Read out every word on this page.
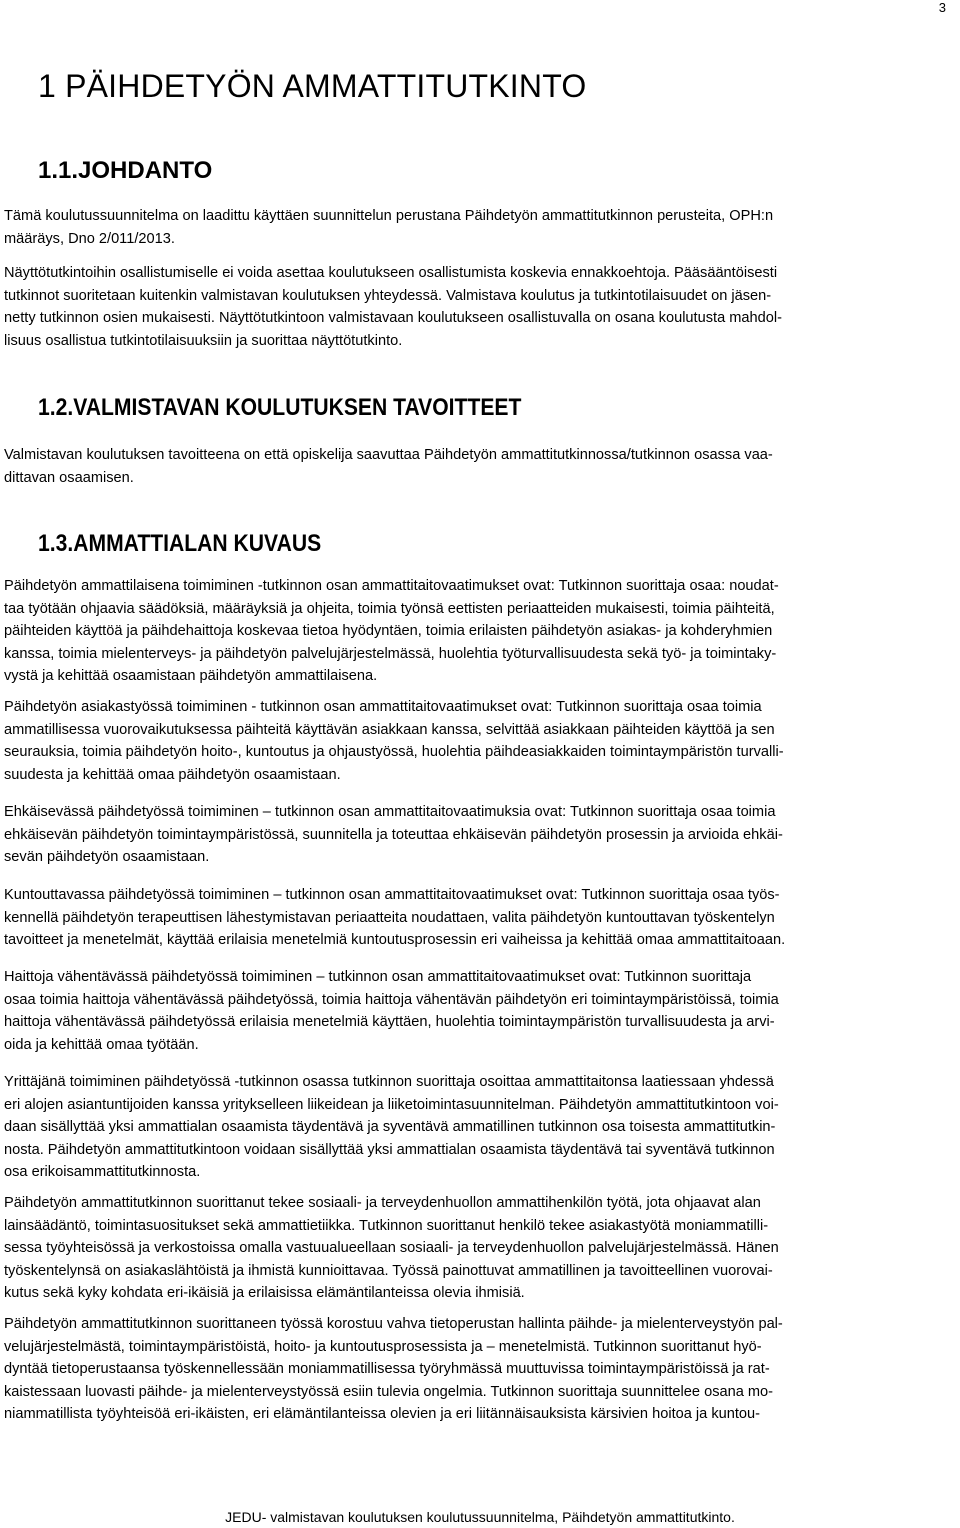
3
1 PÄIHDETYÖN AMMATTITUTKINTO
1.1.JOHDANTO
Tämä koulutussuunnitelma on laadittu käyttäen suunnittelun perustana Päihdetyön ammattitutkinnon perusteita, OPH:n
määräys, Dno 2/011/2013.
Näyttötutkintoihin osallistumiselle ei voida asettaa koulutukseen osallistumista koskevia ennakkoehtoja. Pääsääntöisesti
tutkinnot suoritetaan kuitenkin valmistavan koulutuksen yhteydessä. Valmistava koulutus ja tutkintotilaisuudet on jäsen-
netty tutkinnon osien mukaisesti. Näyttötutkintoon valmistavaan koulutukseen osallistuvalla on osana koulutusta mahdol-
lisuus osallistua tutkintotilaisuuksiin ja suorittaa näyttötutkinto.
1.2.VALMISTAVAN KOULUTUKSEN TAVOITTEET
Valmistavan koulutuksen tavoitteena on että opiskelija saavuttaa Päihdetyön ammattitutkinnossa/tutkinnon osassa vaa-
dittavan osaamisen.
1.3.AMMATTIALAN KUVAUS
Päihdetyön ammattilaisena toimiminen -tutkinnon osan ammattitaitovaatimukset ovat: Tutkinnon suorittaja osaa: noudat-
taa työtään ohjaavia säädöksiä, määräyksiä ja ohjeita, toimia työnsä eettisten periaatteiden mukaisesti, toimia päihteitä,
päihteiden käyttöä ja päihdehaittoja koskevaa tietoa hyödyntäen, toimia erilaisten päihdetyön asiakas- ja kohderyhmien
kanssa, toimia mielenterveys- ja päihdetyön palvelujärjestelmässä, huolehtia työturvallisuudesta sekä työ- ja toimintaky-
vystä ja kehittää osaamistaan päihdetyön ammattilaisena.
Päihdetyön asiakastyössä toimiminen - tutkinnon osan ammattitaitovaatimukset ovat: Tutkinnon suorittaja osaa toimia
ammatillisessa vuorovaikutuksessa päihteitä käyttävän asiakkaan kanssa, selvittää asiakkaan päihteiden käyttöä ja sen
seurauksia, toimia päihdetyön hoito-, kuntoutus ja ohjaustyössä, huolehtia päihdeasiakkaiden toimintaympäristön turvalli-
suudesta ja kehittää omaa päihdetyön osaamistaan.
Ehkäisevässä päihdetyössä toimiminen – tutkinnon osan ammattitaitovaatimuksia ovat: Tutkinnon suorittaja osaa toimia
ehkäisevän päihdetyön toimintaympäristössä, suunnitella ja toteuttaa ehkäisevän päihdetyön prosessin ja arvioida ehkäi-
sevän päihdetyön osaamistaan.
Kuntouttavassa päihdetyössä toimiminen – tutkinnon osan ammattitaitovaatimukset ovat: Tutkinnon suorittaja osaa työs-
kennellä päihdetyön terapeuttisen lähestymistavan periaatteita noudattaen, valita päihdetyön kuntouttavan työskentelyn
tavoitteet ja menetelmät, käyttää erilaisia menetelmiä kuntoutusprosessin eri vaiheissa ja kehittää omaa ammattitaitoaan.
Haittoja vähentävässä päihdetyössä toimiminen – tutkinnon osan ammattitaitovaatimukset ovat: Tutkinnon suorittaja
osaa toimia haittoja vähentävässä päihdetyössä, toimia haittoja vähentävän päihdetyön eri toimintaympäristöissä, toimia
haittoja vähentävässä päihdetyössä erilaisia menetelmiä käyttäen, huolehtia toimintaympäristön turvallisuudesta ja arvi-
oida ja kehittää omaa työtään.
Yrittäjänä toimiminen päihdetyössä -tutkinnon osassa tutkinnon suorittaja osoittaa ammattitaitonsa laatiessaan yhdessä
eri alojen asiantuntijoiden kanssa yritykselleen liikeidean ja liiketoimintasuunnitelman. Päihdetyön ammattitutkintoon voi-
daan sisällyttää yksi ammattialan osaamista täydentävä ja syventävä ammatillinen tutkinnon osa toisesta ammattitutkin-
nosta. Päihdetyön ammattitutkintoon voidaan sisällyttää yksi ammattialan osaamista täydentävä tai syventävä tutkinnon
osa erikoisammattitutkinnosta.
Päihdetyön ammattitutkinnon suorittanut tekee sosiaali- ja terveydenhuollon ammattihenkilön työtä, jota ohjaavat alan
lainsäädäntö, toimintasuositukset sekä ammattietiikka. Tutkinnon suorittanut henkilö tekee asiakastyötä moniammatilli-
sessa työyhteisössä ja verkostoissa omalla vastuualueellaan sosiaali- ja terveydenhuollon palvelujärjestelmässä. Hänen
työskentelynsä on asiakaslähtöistä ja ihmistä kunnioittavaa. Työssä painottuvat ammatillinen ja tavoitteellinen vuorovai-
kutus sekä kyky kohdata eri-ikäisiä ja erilaisissa elämäntilanteissa olevia ihmisiä.
Päihdetyön ammattitutkinnon suorittaneen työssä korostuu vahva tietoperustan hallinta päihde- ja mielenterveystyön pal-
velujärjestelmästä, toimintaympäristöistä, hoito- ja kuntoutusprosessista ja – menetelmistä. Tutkinnon suorittanut hyö-
dyntää tietoperustaansa työskennellessään moniammatillisessa työryhmässä muuttuvissa toimintaympäristöissä ja rat-
kaistessaan luovasti päihde- ja mielenterveystyössä esiin tulevia ongelmia. Tutkinnon suorittaja suunnittelee osana mo-
niammatillista työyhteisöä eri-ikäisten, eri elämäntilanteissa olevien ja eri liitännäisauksista kärsivien hoitoa ja kuntou-
JEDU- valmistavan koulutuksen koulutussuunnitelma, Päihdetyön ammattitutkinto.
